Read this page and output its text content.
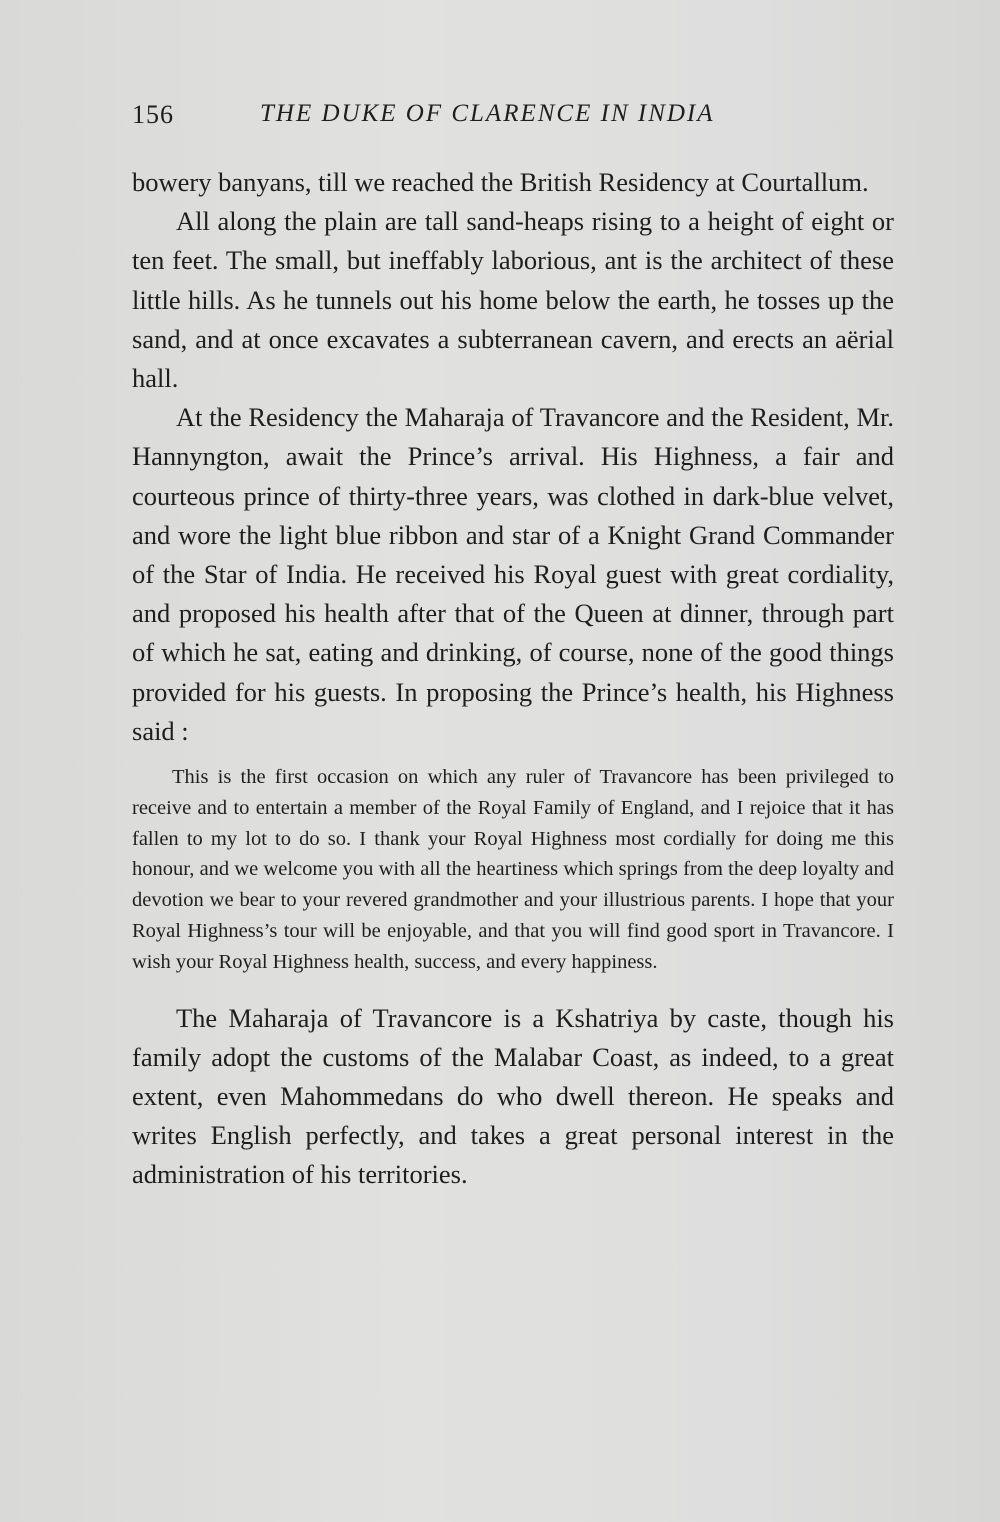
156	THE DUKE OF CLARENCE IN INDIA

bowery banyans, till we reached the British Residency at Courtallum.

All along the plain are tall sand-heaps rising to a height of eight or ten feet. The small, but ineffably laborious, ant is the architect of these little hills. As he tunnels out his home below the earth, he tosses up the sand, and at once excavates a subterranean cavern, and erects an aërial hall.

At the Residency the Maharaja of Travancore and the Resident, Mr. Hannyngton, await the Prince’s arrival. His Highness, a fair and courteous prince of thirty-three years, was clothed in dark-blue velvet, and wore the light blue ribbon and star of a Knight Grand Commander of the Star of India. He received his Royal guest with great cordiality, and proposed his health after that of the Queen at dinner, through part of which he sat, eating and drinking, of course, none of the good things provided for his guests. In proposing the Prince’s health, his Highness said :

This is the first occasion on which any ruler of Travancore has been privileged to receive and to entertain a member of the Royal Family of England, and I rejoice that it has fallen to my lot to do so. I thank your Royal Highness most cordially for doing me this honour, and we welcome you with all the heartiness which springs from the deep loyalty and devotion we bear to your revered grandmother and your illustrious parents. I hope that your Royal Highness’s tour will be enjoyable, and that you will find good sport in Travancore. I wish your Royal Highness health, success, and every happiness.

The Maharaja of Travancore is a Kshatriya by caste, though his family adopt the customs of the Malabar Coast, as indeed, to a great extent, even Mahommedans do who dwell thereon. He speaks and writes English perfectly, and takes a great personal interest in the administration of his territories.
